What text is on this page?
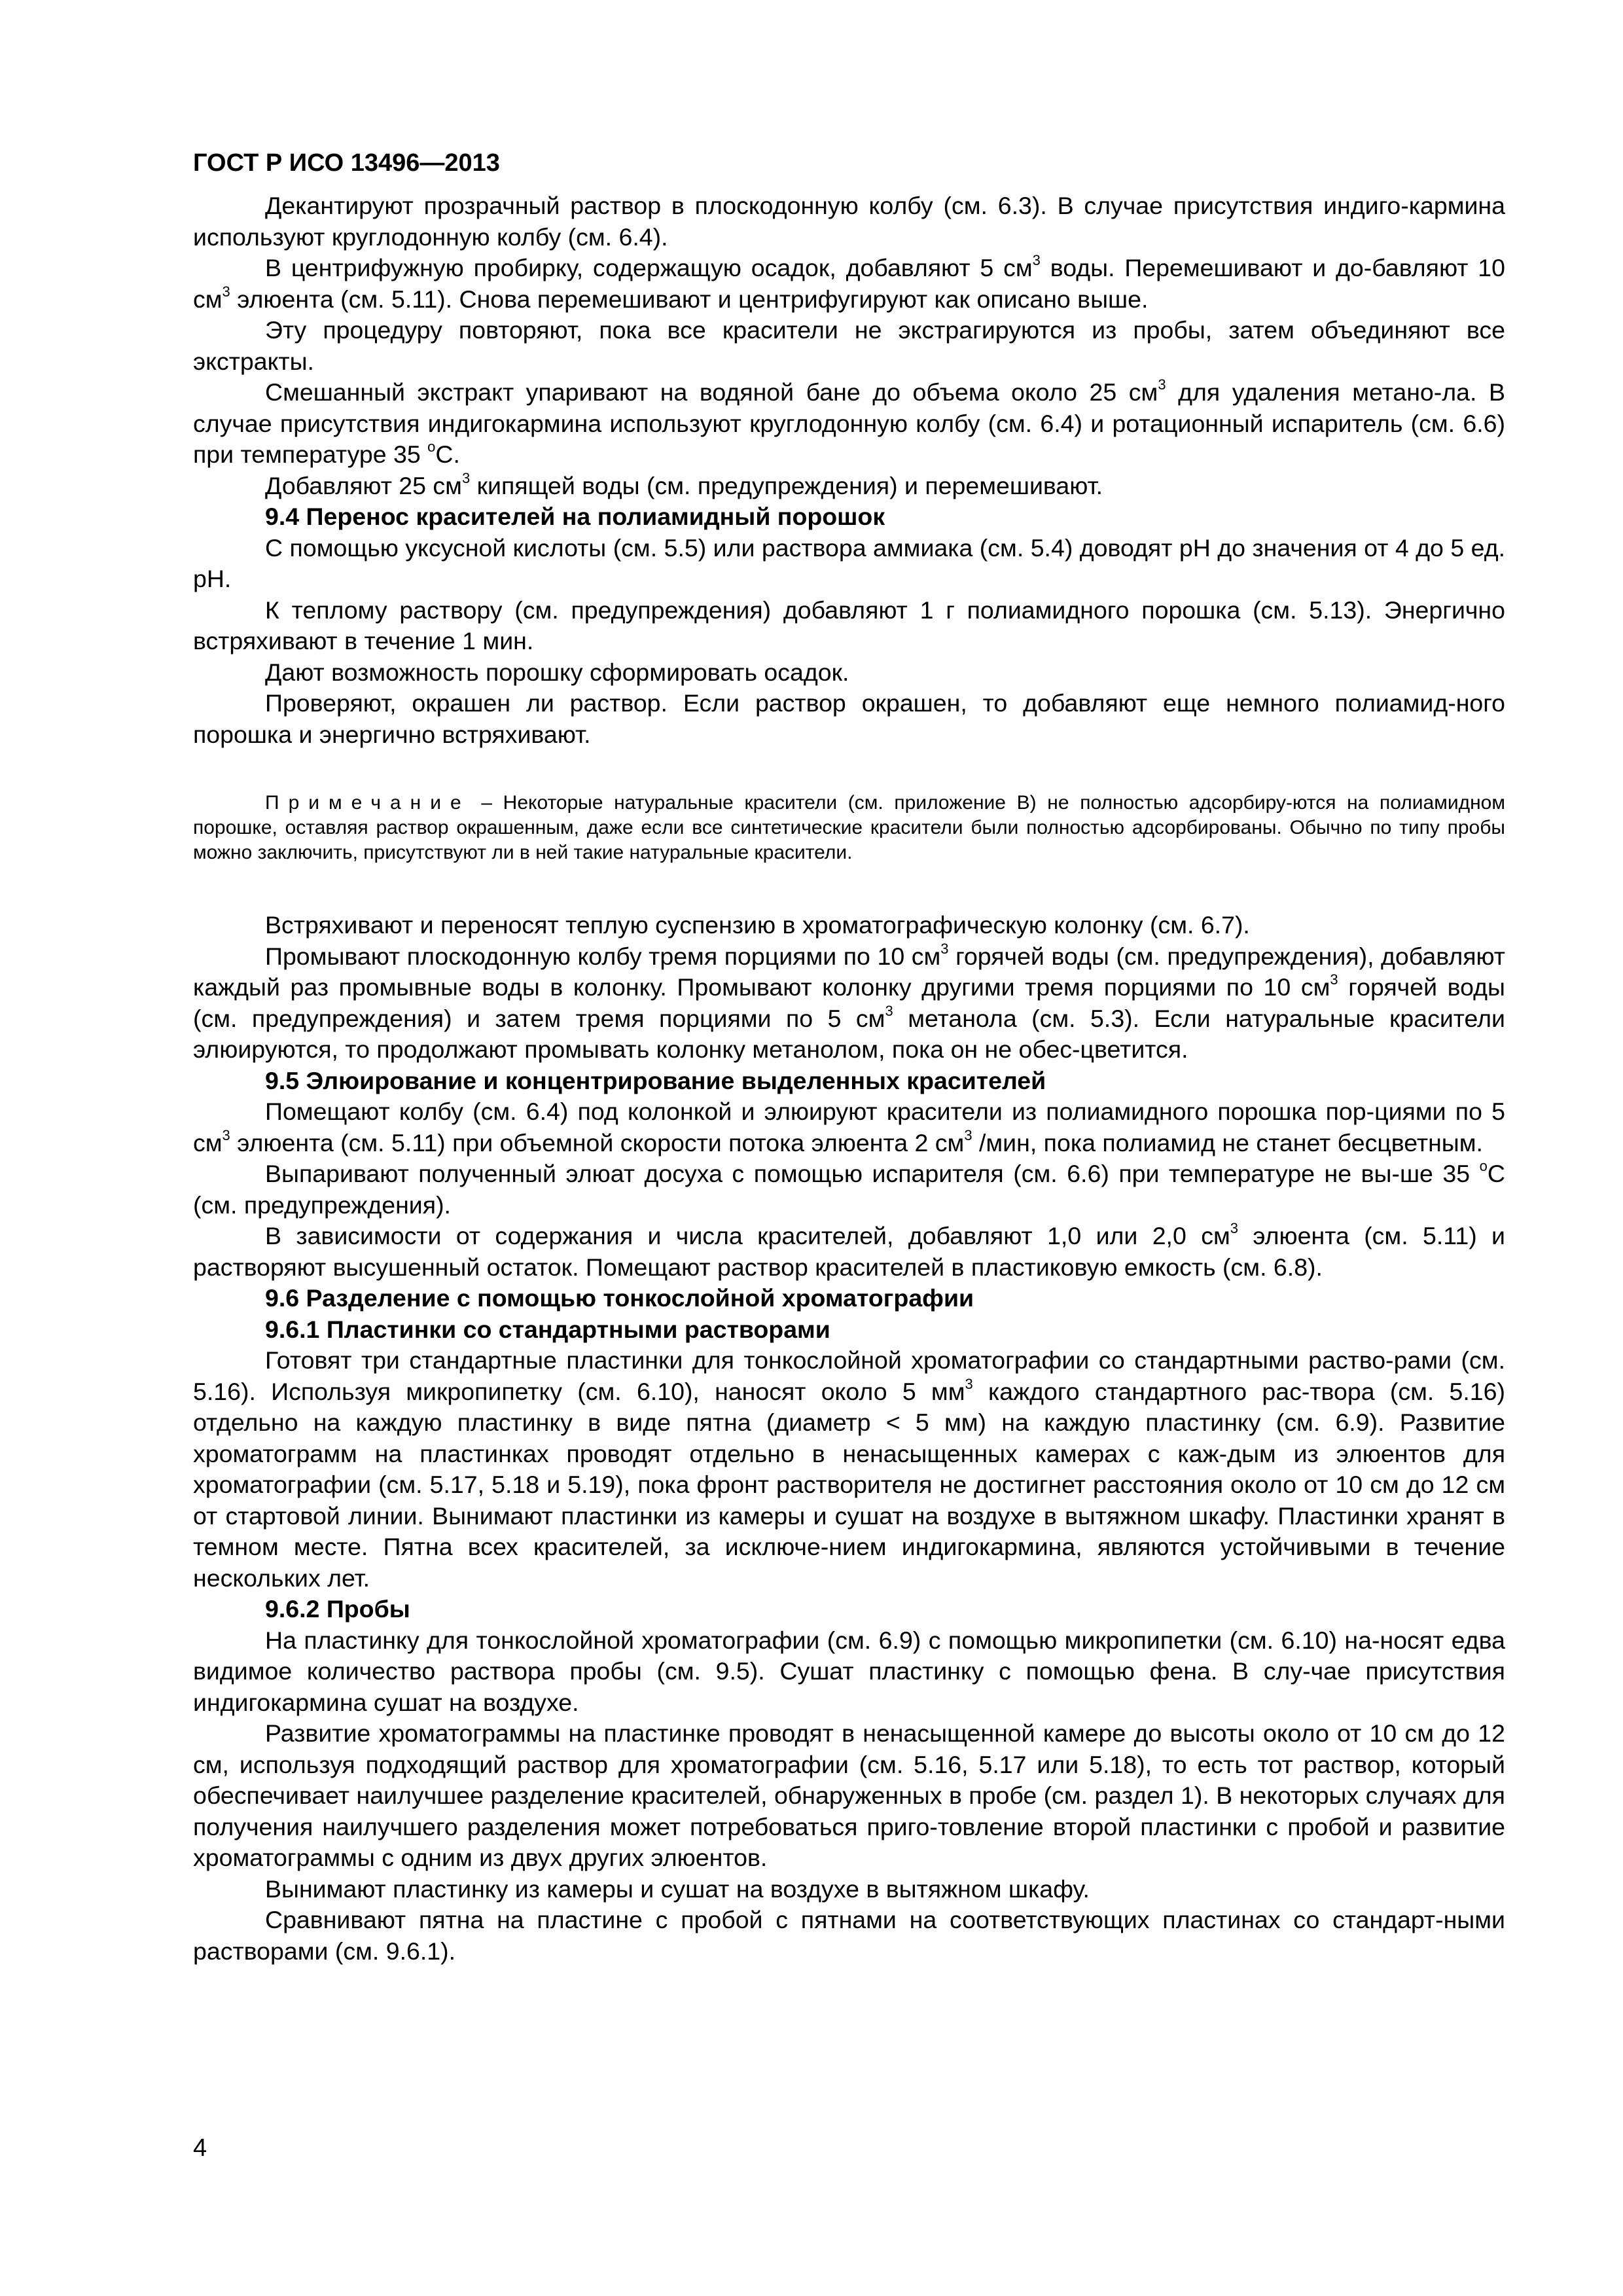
ГОСТ Р ИСО 13496—2013

Декантируют прозрачный раствор в плоскодонную колбу (см. 6.3). В случае присутствия индиго-кармина используют круглодонную колбу (см. 6.4).

В центрифужную пробирку, содержащую осадок, добавляют 5 $см^3$ воды. Перемешивают и до-бавляют 10 $см^3$ элюента (см. 5.11). Снова перемешивают и центрифугируют как описано выше.

Эту процедуру повторяют, пока все красители не экстрагируются из пробы, затем объединяют все экстракты.

Смешанный экстракт упаривают на водяной бане до объема около 25 $см^3$ для удаления метано-ла. В случае присутствия индигокармина используют круглодонную колбу (см. 6.4) и ротационный испаритель (см. 6.6) при температуре 35 $^о$С.

Добавляют 25 $см^3$ кипящей воды (см. предупреждения) и перемешивают.

9.4 Перенос красителей на полиамидный порошок

С помощью уксусной кислоты (см. 5.5) или раствора аммиака (см. 5.4) доводят рН до значения от 4 до 5 ед. рН.

К теплому раствору (см. предупреждения) добавляют 1 г полиамидного порошка (см. 5.13). Энергично встряхивают в течение 1 мин.

Дают возможность порошку сформировать осадок.

Проверяют, окрашен ли раствор. Если раствор окрашен, то добавляют еще немного полиамид-ного порошка и энергично встряхивают.

Примечание – Некоторые натуральные красители (см. приложение В) не полностью адсорбиру-ются на полиамидном порошке, оставляя раствор окрашенным, даже если все синтетические красители были полностью адсорбированы. Обычно по типу пробы можно заключить, присутствуют ли в ней такие натуральные красители.

Встряхивают и переносят теплую суспензию в хроматографическую колонку (см. 6.7).

Промывают плоскодонную колбу тремя порциями по 10 $см^3$ горячей воды (см. предупреждения), добавляют каждый раз промывные воды в колонку. Промывают колонку другими тремя порциями по 10 $см^3$ горячей воды (см. предупреждения) и затем тремя порциями по 5 $см^3$ метанола (см. 5.3). Если натуральные красители элюируются, то продолжают промывать колонку метанолом, пока он не обес-цветится.

9.5 Элюирование и концентрирование выделенных красителей

Помещают колбу (см. 6.4) под колонкой и элюируют красители из полиамидного порошка пор-циями по 5 $см^3$ элюента (см. 5.11) при объемной скорости потока элюента 2 $см^3$ /мин, пока полиамид не станет бесцветным.

Выпаривают полученный элюат досуха с помощью испарителя (см. 6.6) при температуре не вы-ше 35 $^о$С (см. предупреждения).

В зависимости от содержания и числа красителей, добавляют 1,0 или 2,0 $см^3$ элюента (см. 5.11) и растворяют высушенный остаток. Помещают раствор красителей в пластиковую емкость (см. 6.8).

9.6 Разделение с помощью тонкослойной хроматографии
9.6.1 Пластинки со стандартными растворами

Готовят три стандартные пластинки для тонкослойной хроматографии со стандартными раство-рами (см. 5.16). Используя микропипетку (см. 6.10), наносят около 5 $мм^3$ каждого стандартного рас-твора (см. 5.16) отдельно на каждую пластинку в виде пятна (диаметр < 5 мм) на каждую пластинку (см. 6.9). Развитие хроматограмм на пластинках проводят отдельно в ненасыщенных камерах с каж-дым из элюентов для хроматографии (см. 5.17, 5.18 и 5.19), пока фронт растворителя не достигнет расстояния около от 10 см до 12 см от стартовой линии. Вынимают пластинки из камеры и сушат на воздухе в вытяжном шкафу. Пластинки хранят в темном месте. Пятна всех красителей, за исключе-нием индигокармина, являются устойчивыми в течение нескольких лет.

9.6.2 Пробы

На пластинку для тонкослойной хроматографии (см. 6.9) с помощью микропипетки (см. 6.10) на-носят едва видимое количество раствора пробы (см. 9.5). Сушат пластинку с помощью фена. В слу-чае присутствия индигокармина сушат на воздухе.

Развитие хроматограммы на пластинке проводят в ненасыщенной камере до высоты около от 10 см до 12 см, используя подходящий раствор для хроматографии (см. 5.16, 5.17 или 5.18), то есть тот раствор, который обеспечивает наилучшее разделение красителей, обнаруженных в пробе (см. раздел 1). В некоторых случаях для получения наилучшего разделения может потребоваться приго-товление второй пластинки с пробой и развитие хроматограммы с одним из двух других элюентов.

Вынимают пластинку из камеры и сушат на воздухе в вытяжном шкафу.

Сравнивают пятна на пластине с пробой с пятнами на соответствующих пластинах со стандарт-ными растворами (см. 9.6.1).

4
